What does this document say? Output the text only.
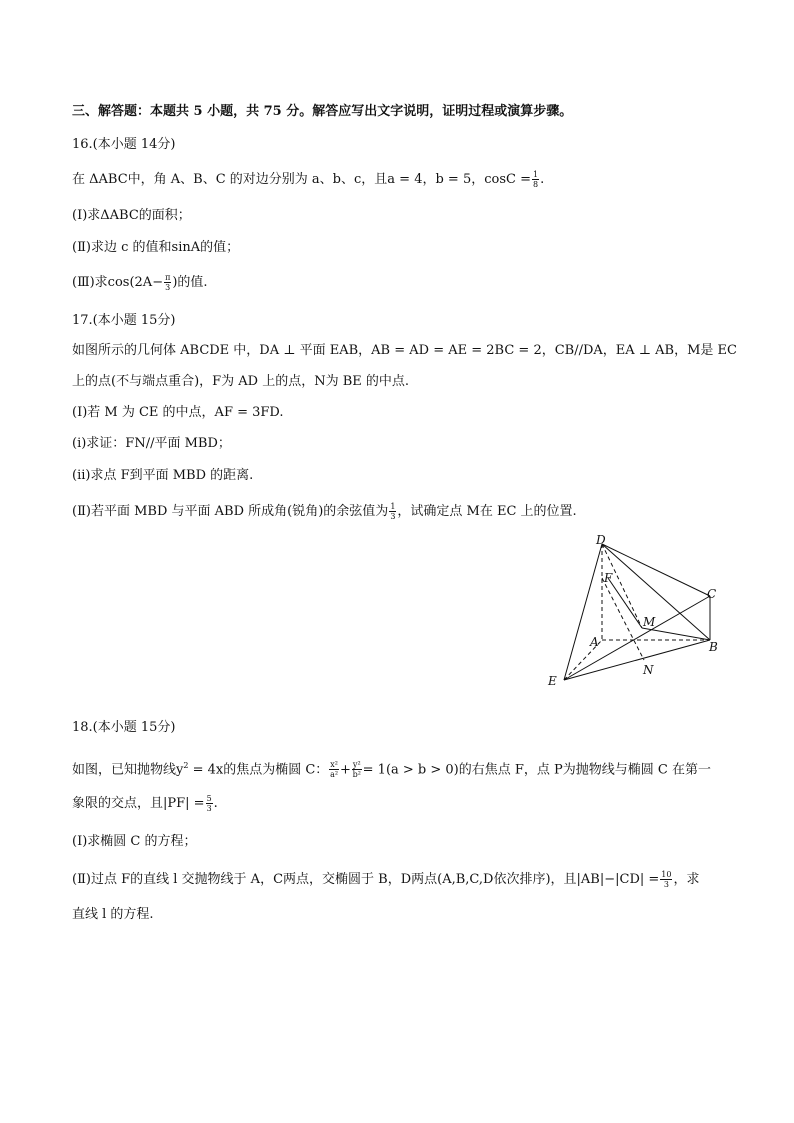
三、解答题：本题共 5 小题，共 75 分。解答应写出文字说明，证明过程或演算步骤。
16.(本小题 14分)
在 ΔABC中，角 A、B、C 的对边分别为 a、b、c，且a = 4，b = 5，$\cos C = \frac{1}{8}$ .
(Ⅰ)求ΔABC的面积；
(Ⅱ)求边 c 的值和sinA的值；
(Ⅲ)求$\cos(2A- \frac{\pi}{3}$ )的值.
17.(本小题 15分)
如图所示的几何体 ABCDE 中，DA ⊥ 平面 EAB，AB = AD = AE = 2BC = 2，CB//DA，EA ⊥ AB，M是 EC
上的点(不与端点重合)，F为 AD 上的点，N为 BE 的中点.
(Ⅰ)若 M 为 CE 的中点，AF = 3FD.
(i)求证：FN//平面 MBD；
(ii)求点 F到平面 MBD 的距离.
(Ⅱ)若平面 MBD 与平面 ABD 所成角(锐角)的余弦值为 $\frac{1}{3}$ ，试确定点 M在 EC 上的位置.
D
F
C
M
A	B
N
E
18.(本小题 15分)
如图，已知抛物线$y^2 = 4x$的焦点为椭圆 C： $\frac{\text{x²}}{\text{a²}} + \frac{\text{y²}}{\text{b²}} = 1(a > b > 0)$的右焦点 F，点 P为抛物线与椭圆 C 在第一
象限的交点，且$|PF| = \frac{5}{3}$ .
(Ⅰ)求椭圆 C 的方程；
(Ⅱ)过点 F的直线 l 交抛物线于 A，C两点，交椭圆于 B，D两点(A,B,C,D依次排序)，且$|AB|-|CD| = \frac{10}{3}$ ，求
直线 l 的方程.
